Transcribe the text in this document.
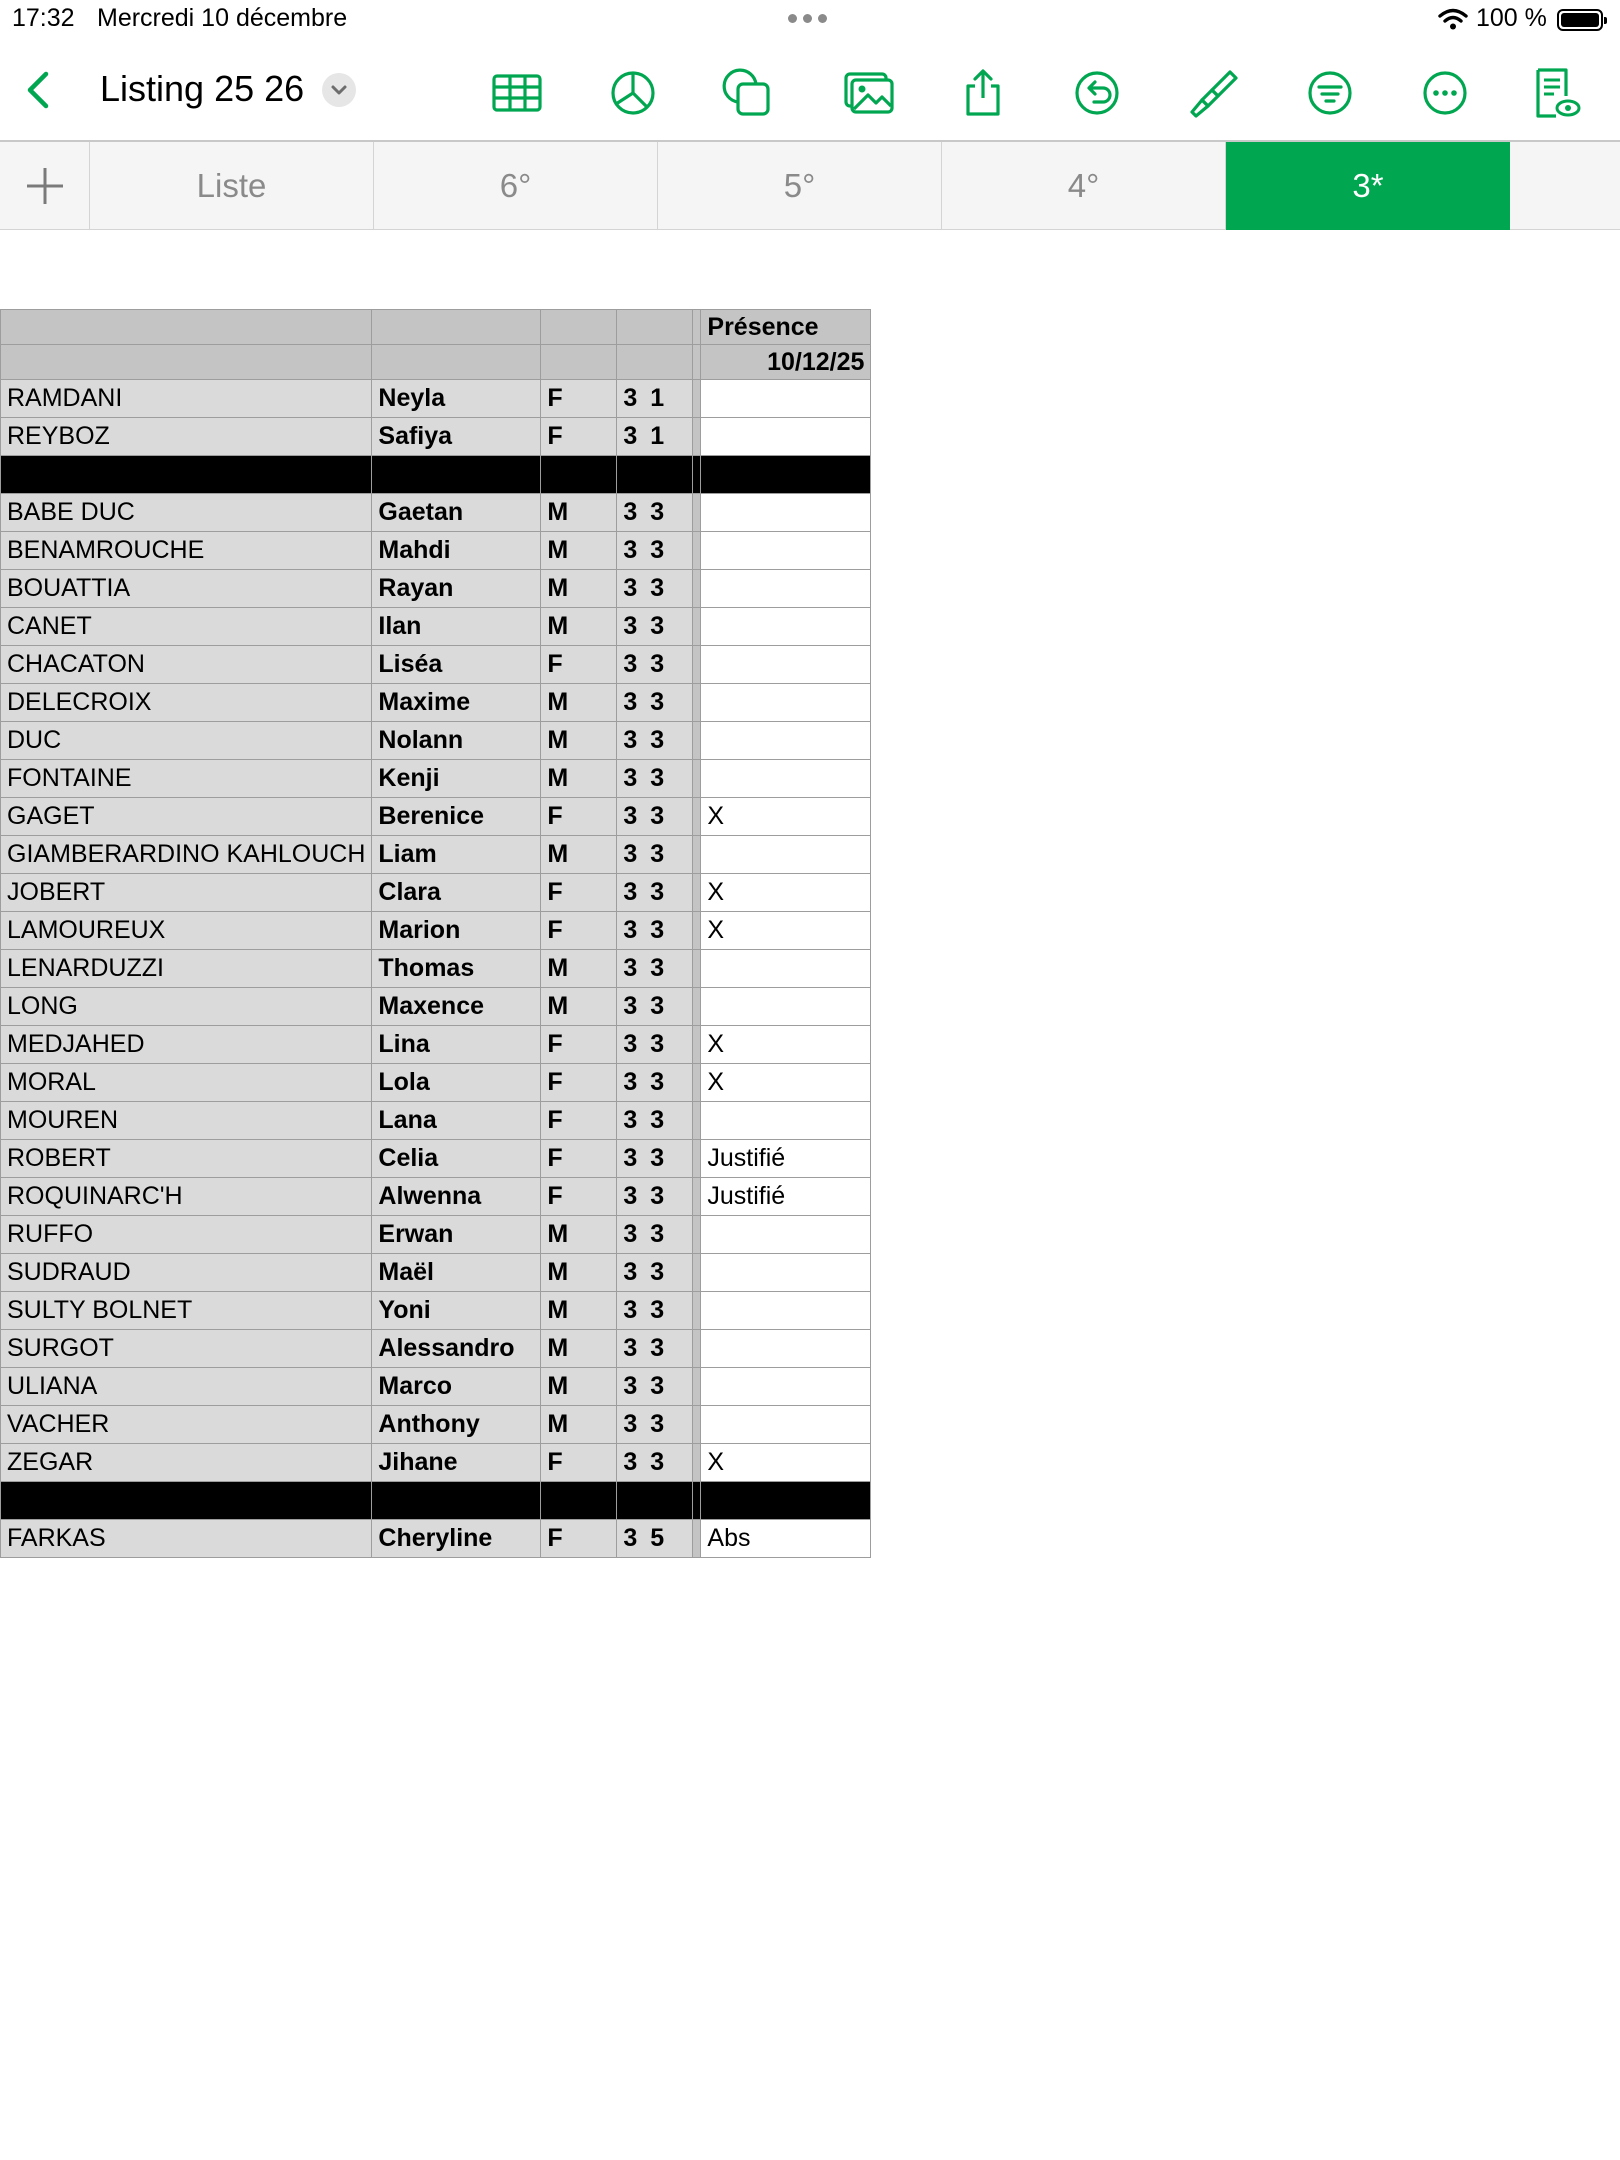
17:32 Mercredi 10 décembre	100 %
Listing 25 26
Liste	6°	5°	4°	3*
					Présence
					10/12/25
RAMDANI	Neyla	F	3 1		
REYBOZ	Safiya	F	3 1		

BABE DUC	Gaetan	M	3 3		
BENAMROUCHE	Mahdi	M	3 3		
BOUATTIA	Rayan	M	3 3		
CANET	Ilan	M	3 3		
CHACATON	Liséa	F	3 3		
DELECROIX	Maxime	M	3 3		
DUC	Nolann	M	3 3		
FONTAINE	Kenji	M	3 3		
GAGET	Berenice	F	3 3		X
GIAMBERARDINO KAHLOUCH	Liam	M	3 3		
JOBERT	Clara	F	3 3		X
LAMOUREUX	Marion	F	3 3		X
LENARDUZZI	Thomas	M	3 3		
LONG	Maxence	M	3 3		
MEDJAHED	Lina	F	3 3		X
MORAL	Lola	F	3 3		X
MOUREN	Lana	F	3 3		
ROBERT	Celia	F	3 3		Justifié
ROQUINARC'H	Alwenna	F	3 3		Justifié
RUFFO	Erwan	M	3 3		
SUDRAUD	Maël	M	3 3		
SULTY BOLNET	Yoni	M	3 3		
SURGOT	Alessandro	M	3 3		
ULIANA	Marco	M	3 3		
VACHER	Anthony	M	3 3		
ZEGAR	Jihane	F	3 3		X

FARKAS	Cheryline	F	3 5		Abs
